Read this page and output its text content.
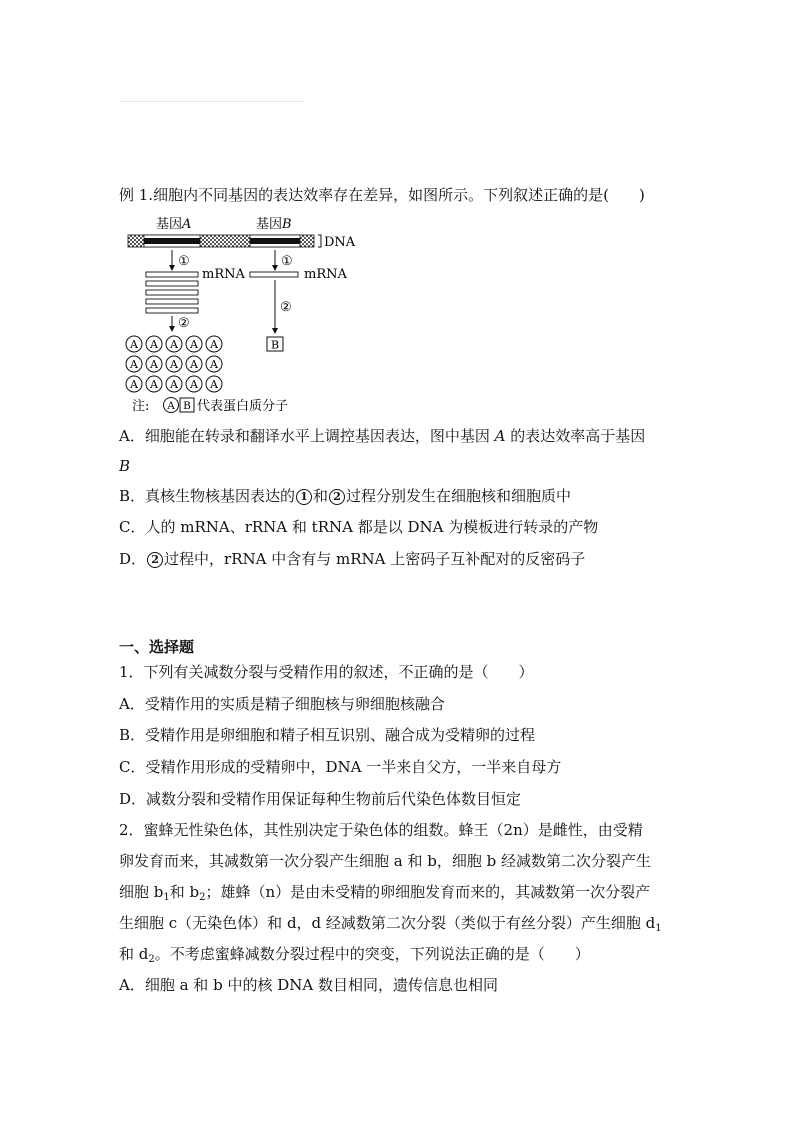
例 1.细胞内不同基因的表达效率存在差异，如图所示。下列叙述正确的是(　　)
基因A	基因B
DNA
①	①
mRNA	mRNA
②
②
B
A A A A A
A A A A A
A A A A A
注: A B 代表蛋白质分子
A．细胞能在转录和翻译水平上调控基因表达，图中基因 A 的表达效率高于基因
B
B．真核生物核基因表达的 1 和 2 过程分别发生在细胞核和细胞质中
C．人的 mRNA、rRNA 和 tRNA 都是以 DNA 为模板进行转录的产物
D． 2 过程中，rRNA 中含有与 mRNA 上密码子互补配对的反密码子
一、选择题
1．下列有关减数分裂与受精作用的叙述，不正确的是（　　）
A．受精作用的实质是精子细胞核与卵细胞核融合
B．受精作用是卵细胞和精子相互识别、融合成为受精卵的过程
C．受精作用形成的受精卵中，DNA 一半来自父方，一半来自母方
D．减数分裂和受精作用保证每种生物前后代染色体数目恒定
2．蜜蜂无性染色体，其性别决定于染色体的组数。蜂王（2n）是雌性，由受精
卵发育而来，其减数第一次分裂产生细胞 a 和 b，细胞 b 经减数第二次分裂产生
细胞 $b_1$和 $b_2$；雄蜂（n）是由未受精的卵细胞发育而来的，其减数第一次分裂产
生细胞 c（无染色体）和 d，d 经减数第二次分裂（类似于有丝分裂）产生细胞 $d_1$
和 $d_2$。不考虑蜜蜂减数分裂过程中的突变，下列说法正确的是（　　）
A．细胞 a 和 b 中的核 DNA 数目相同，遗传信息也相同
